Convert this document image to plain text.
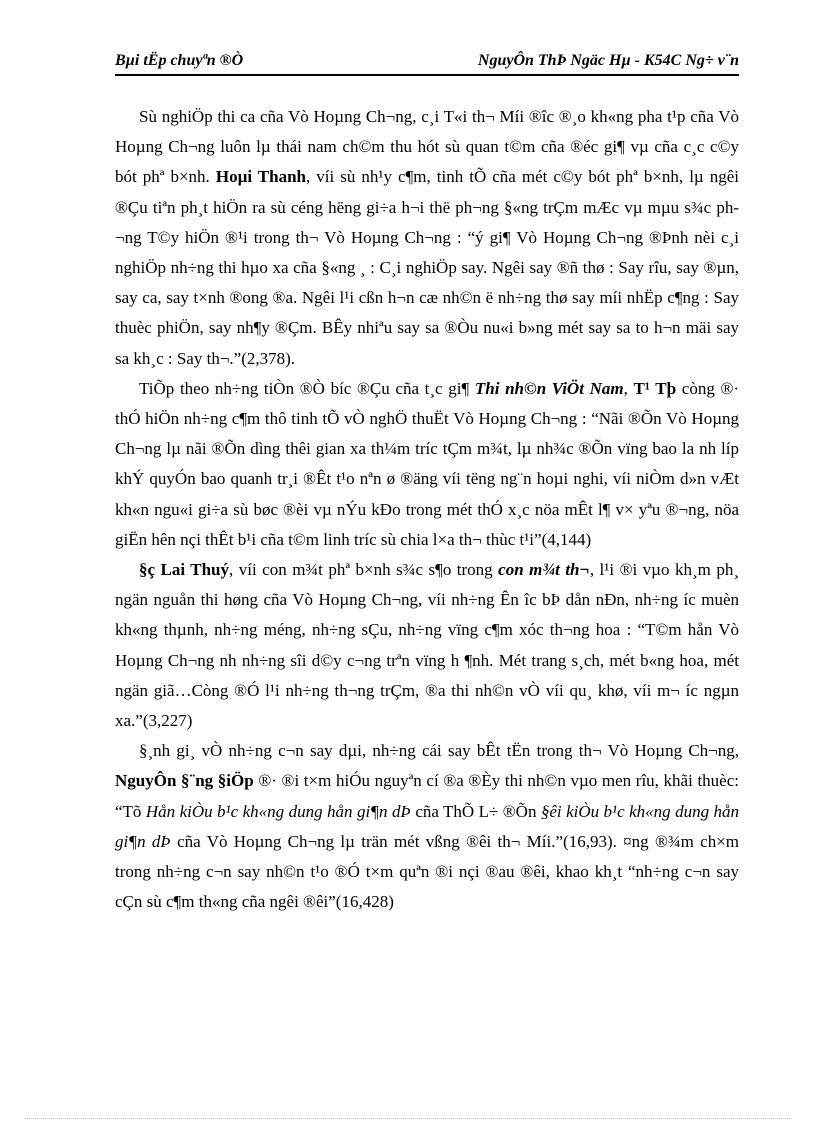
Bµi tËp chuyªn ®Ò	NguyÔn ThÞ Ngäc Hµ - K54C Ng÷ v¨n

Sù nghiÖp thi ca cña Vò Hoµng Ch¬ng, c¸i T«i th¬ Míi ®îc ®¸o kh«ng pha t¹p cña Vò Hoµng Ch¬ng luôn lµ thái nam ch©m thu hót sù quan t©m cña ®éc gi¶ vµ cña c¸c c©y bót phª b×nh. Hoµi Thanh, víi sù nh¹y c¶m, tinh tÕ cña mét c©y bót phª b×nh, lµ ngêi ®Çu tiªn ph¸t hiÖn ra sù céng hëng gi÷a h¬i thë ph¬ng §«ng trÇm mÆc vµ mµu s¾c ph¬ng T©y hiÖn ®¹i trong th¬ Vò Hoµng Ch¬ng : “ý gi¶ Vò Hoµng Ch¬ng ®Þnh nèi c¸i nghiÖp nh÷ng thi hµo xa cña §«ng ¸ : C¸i nghiÖp say. Ngêi say ®ñ thø : Say rîu, say ®µn, say ca, say t×nh ®ong ®a. Ngêi l¹i cßn h¬n cæ nh©n ë nh÷ng thø say míi nhËp c¶ng : Say thuèc phiÖn, say nh¶y ®Çm. BÊy nhiªu say sa ®Òu nu«i b»ng mét say sa to h¬n mäi say sa kh¸c : Say th¬.”(2,378).

TiÕp theo nh÷ng tiÒn ®Ò bíc ®Çu cña t¸c gi¶ Thi nh©n ViÖt Nam, T¹ Tþ còng ®· thÓ hiÖn nh÷ng c¶m thô tinh tÕ vÒ nghÖ thuËt Vò Hoµng Ch¬ng : “Nãi ®Õn Vò Hoµng Ch¬ng lµ nãi ®Õn dìng thêi gian xa th¼m tríc tÇm m¾t, lµ nh¾c ®Õn vïng bao la nh líp khÝ quyÓn bao quanh tr¸i ®Êt t¹o nªn ø ®äng víi tëng ng¨n hoµi nghi, víi niÒm d»n vÆt kh«n ngu«i gi÷a sù bøc ®èi vµ nÝu kÐo trong mét thÓ x¸c nöa mÊt l¶ v× yªu ®¬ng, nöa giËn hên nçi thÊt b¹i cña t©m linh tríc sù chia l×a th¬ thùc t¹i”(4,144)

§ç Lai Thuý, víi con m¾t phª b×nh s¾c s¶o trong con m¾t th¬, l¹i ®i vµo kh¸m ph¸ ngän nguån thi høng cña Vò Hoµng Ch¬ng, víi nh÷ng Ên îc bÞ dån nÐn, nh÷ng íc muèn kh«ng thµnh, nh÷ng méng, nh÷ng sÇu, nh÷ng vïng c¶m xóc th¬ng hoa : “T©m hån Vò Hoµng Ch¬ng nh nh÷ng sîi d©y c¬ng trªn vïng h ¶nh. Mét trang s¸ch, mét b«ng hoa, mét ngän giã…Còng ®Ó l¹i nh÷ng th¬ng trÇm, ®a thi nh©n vÒ víi qu¸ khø, víi m¬ íc ngµn xa.”(3,227)

§¸nh gi¸ vÒ nh÷ng c¬n say dµi, nh÷ng cái say bÊt tËn trong th¬ Vò Hoµng Ch¬ng, NguyÔn §¨ng §iÖp ®· ®i t×m hiÓu nguyªn cí ®a ®Èy thi nh©n vµo men rîu, khãi thuèc: “Tõ Hån kiÒu b¹c kh«ng dung hån gi¶n dÞ cña ThÕ L÷ ®Õn §êi kiÒu b¹c kh«ng dung hån gi¶n dÞ cña Vò Hoµng Ch¬ng lµ trän mét vßng ®êi th¬ Míi.”(16,93). ¤ng ®¾m ch×m trong nh÷ng c¬n say nh©n t¹o ®Ó t×m quªn ®i nçi ®au ®êi, khao kh¸t “nh÷ng c¬n say cÇn sù c¶m th«ng cña ngêi ®êi”(16,428)
